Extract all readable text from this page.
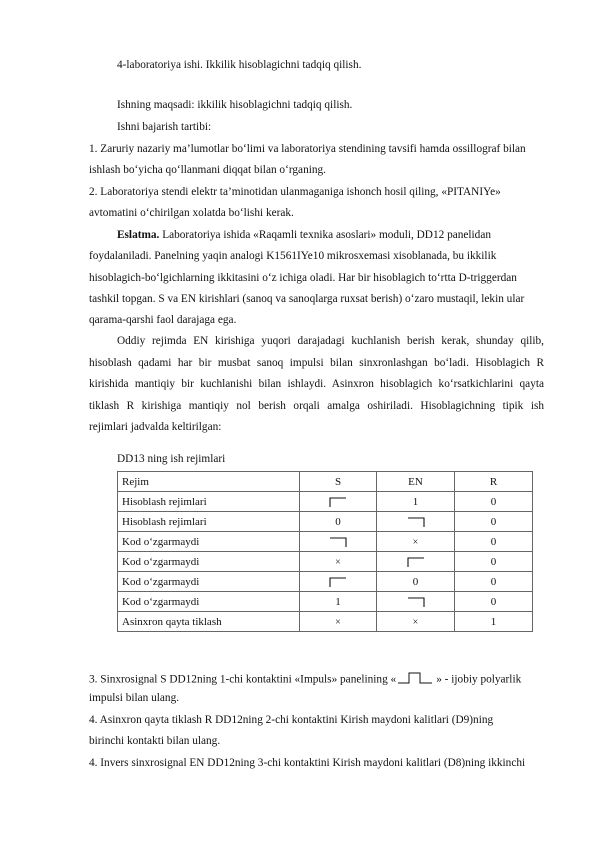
4-laboratoriya ishi. Ikkilik hisoblagichni tadqiq qilish.
Ishning maqsadi: ikkilik hisoblagichni tadqiq qilish.
Ishni bajarish tartibi:
1. Zaruriy nazariy ma’lumotlar bo‘limi va laboratoriya stendining tavsifi hamda ossillograf bilan
ishlash bo‘yicha qo‘llanmani diqqat bilan o‘rganing.
2. Laboratoriya stendi elektr ta’minotidan ulanmaganiga ishonch hosil qiling, «PITANIYe»
avtomatini o‘chirilgan xolatda bo‘lishi kerak.
Eslatma. Laboratoriya ishida «Raqamli texnika asoslari» moduli, DD12 panelidan
foydalaniladi. Panelning yaqin analogi K1561IYe10 mikrosxemasi xisoblanada, bu ikkilik
hisoblagich-bo‘lgichlarning ikkitasini o‘z ichiga oladi. Har bir hisoblagich to‘rtta D-triggerdan
tashkil topgan. S va EN kirishlari (sanoq va sanoqlarga ruxsat berish) o‘zaro mustaqil, lekin ular
qarama-qarshi faol darajaga ega.
Oddiy rejimda EN kirishiga yuqori darajadagi kuchlanish berish kerak, shunday qilib,
hisoblash qadami har bir musbat sanoq impulsi bilan sinxronlashgan bo‘ladi. Hisoblagich R
kirishida mantiqiy bir kuchlanishi bilan ishlaydi. Asinxron hisoblagich ko‘rsatkichlarini qayta
tiklash R kirishiga mantiqiy nol berish orqali amalga oshiriladi. Hisoblagichning tipik ish
rejimlari jadvalda keltirilgan:
DD13 ning ish rejimlari
Rejim	S	EN	R
Hisoblash rejimlari		1	0
Hisoblash rejimlari	0		0
Kod o‘zgarmaydi		×	0
Kod o‘zgarmaydi	×		0
Kod o‘zgarmaydi		0	0
Kod o‘zgarmaydi	1		0
Asinxron qayta tiklash	×	×	1
3. Sinxrosignal S DD12ning 1-chi kontaktini «Impuls» panelining «	» - ijobiy polyarlik
impulsi bilan ulang.
4. Asinxron qayta tiklash R DD12ning 2-chi kontaktini Kirish maydoni kalitlari (D9)ning
birinchi kontakti bilan ulang.
4. Invers sinxrosignal EN DD12ning 3-chi kontaktini Kirish maydoni kalitlari (D8)ning ikkinchi
